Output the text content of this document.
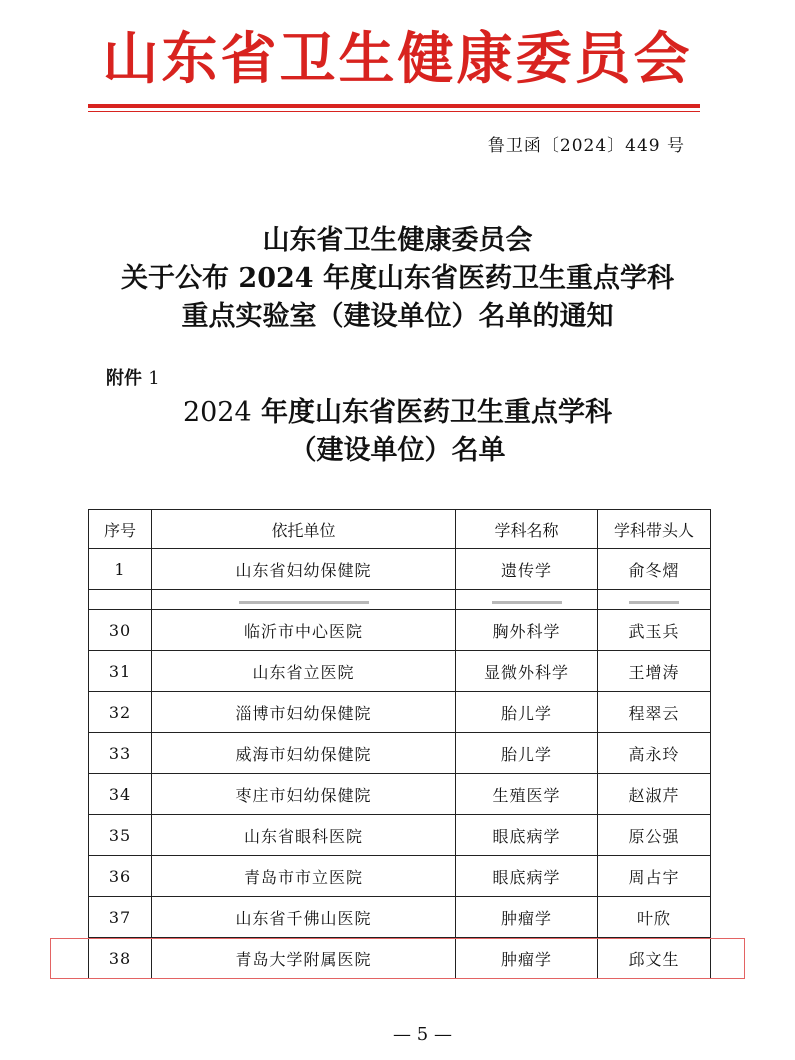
山东省卫生健康委员会
鲁卫函〔2024〕449 号
山东省卫生健康委员会
关于公布 2024 年度山东省医药卫生重点学科
重点实验室（建设单位）名单的通知
附件 1
2024 年度山东省医药卫生重点学科
（建设单位）名单
序号	依托单位	学科名称	学科带头人
1	山东省妇幼保健院	遗传学	俞冬熠

30	临沂市中心医院	胸外科学	武玉兵
31	山东省立医院	显微外科学	王增涛
32	淄博市妇幼保健院	胎儿学	程翠云
33	威海市妇幼保健院	胎儿学	高永玲
34	枣庄市妇幼保健院	生殖医学	赵淑芹
35	山东省眼科医院	眼底病学	原公强
36	青岛市市立医院	眼底病学	周占宇
37	山东省千佛山医院	肿瘤学	叶欣
38	青岛大学附属医院	肿瘤学	邱文生
— 5 —
